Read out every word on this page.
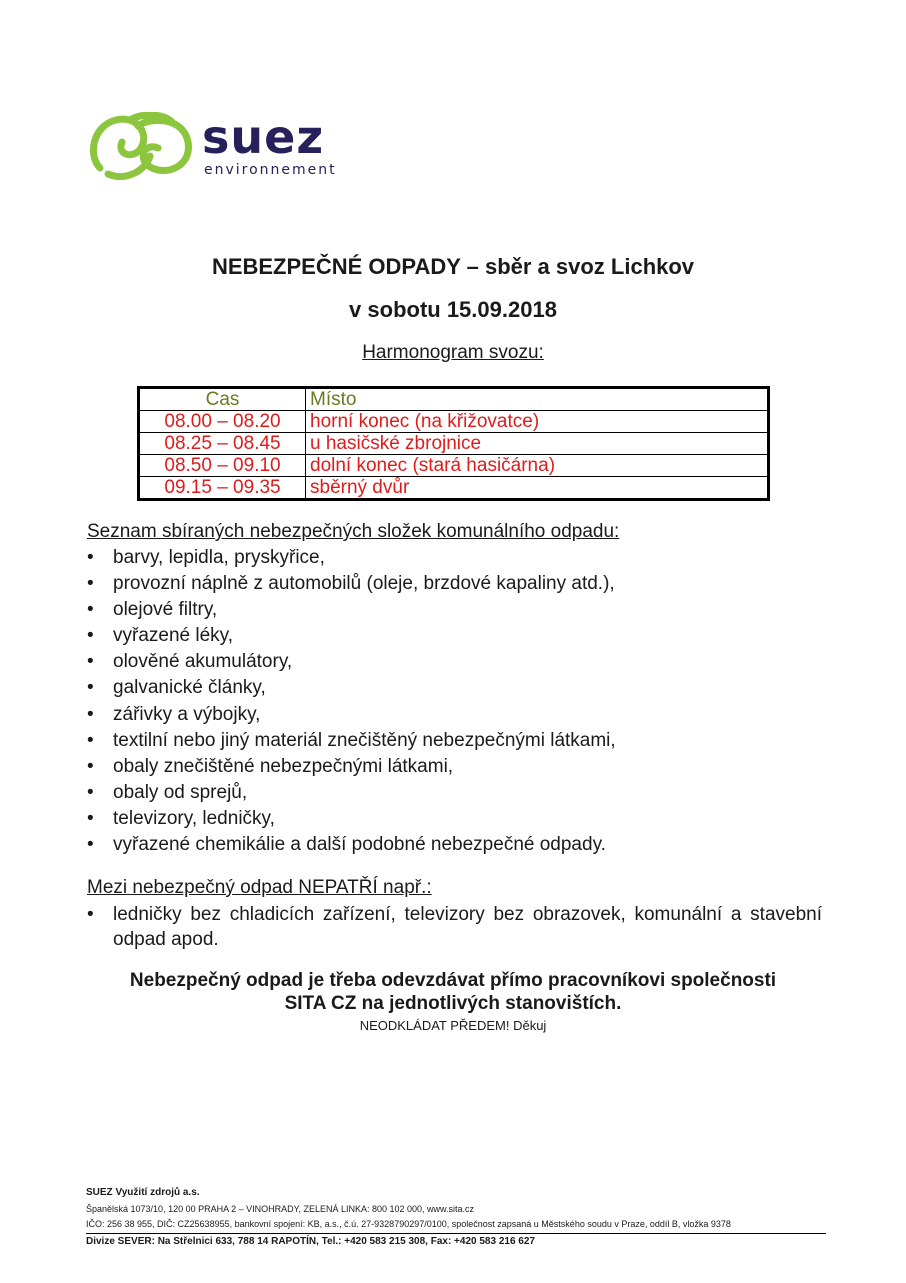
suez
environnement
NEBEZPEČNÉ ODPADY – sběr a svoz Lichkov
v sobotu 15.09.2018
Harmonogram svozu:
Cas	Místo
08.00 – 08.20	horní konec (na křižovatce)
08.25 – 08.45	u hasičské zbrojnice
08.50 – 09.10	dolní konec (stará hasičárna)
09.15 – 09.35	sběrný dvůr
Seznam sbíraných nebezpečných složek komunálního odpadu:
• barvy, lepidla, pryskyřice,
• provozní náplně z automobilů (oleje, brzdové kapaliny atd.),
• olejové filtry,
• vyřazené léky,
• olověné akumulátory,
• galvanické články,
• zářivky a výbojky,
• textilní nebo jiný materiál znečištěný nebezpečnými látkami,
• obaly znečištěné nebezpečnými látkami,
• obaly od sprejů,
• televizory, ledničky,
• vyřazené chemikálie a další podobné nebezpečné odpady.
Mezi nebezpečný odpad NEPATŘÍ např.:
• ledničky bez chladicích zařízení, televizory bez obrazovek, komunální a stavební odpad apod.
Nebezpečný odpad je třeba odevzdávat přímo pracovníkovi společnosti
SITA CZ na jednotlivých stanovištích.
NEODKLÁDAT PŘEDEM! Děkuj
SUEZ Využití zdrojů a.s.
Španělská 1073/10, 120 00 PRAHA 2 – VINOHRADY, ZELENÁ LINKA: 800 102 000, www.sita.cz
IČO: 256 38 955, DIČ: CZ25638955, bankovní spojení: KB, a.s., č.ú. 27-9328790297/0100, společnost zapsaná u Městského soudu v Praze, oddíl B, vložka 9378
Divize SEVER: Na Střelnici 633, 788 14 RAPOTÍN, Tel.: +420 583 215 308, Fax: +420 583 216 627
